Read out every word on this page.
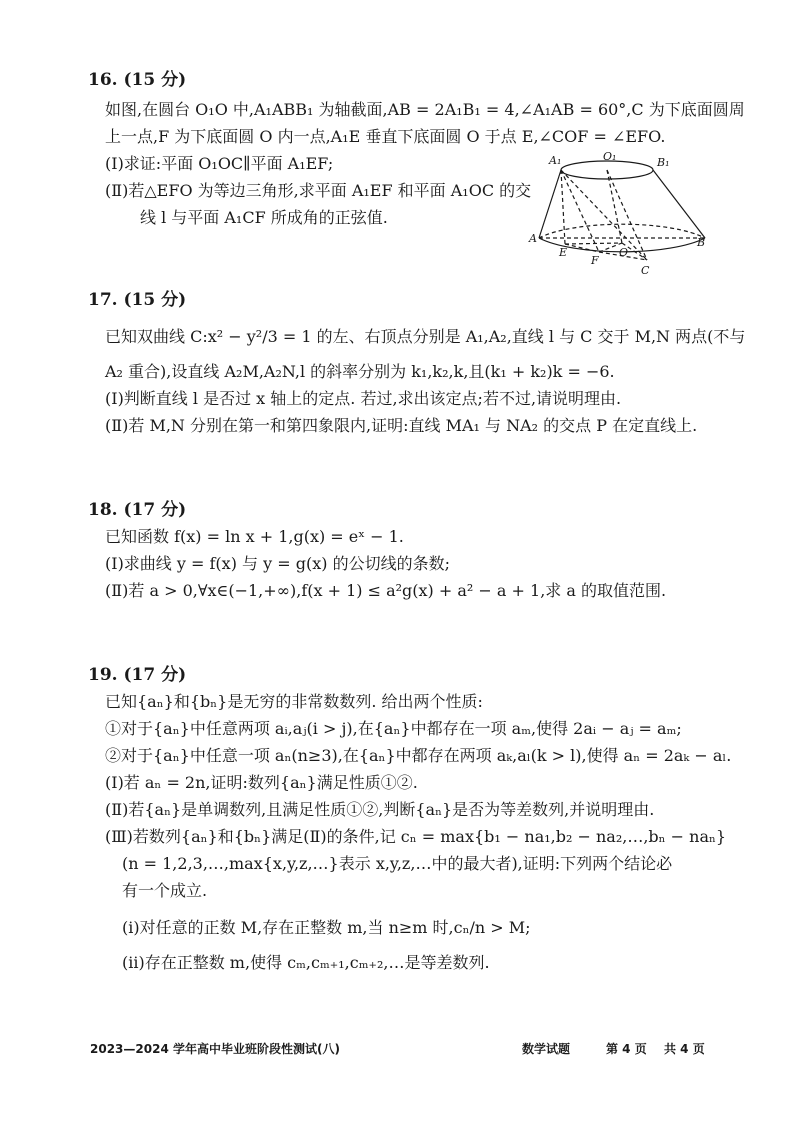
16. (15 分)
如图,在圆台 O₁O 中,A₁ABB₁ 为轴截面,AB = 2A₁B₁ = 4,∠A₁AB = 60°,C 为下底面圆周
上一点,F 为下底面圆 O 内一点,A₁E 垂直下底面圆 O 于点 E,∠COF = ∠EFO.
(Ⅰ)求证:平面 O₁OC∥平面 A₁EF;
(Ⅱ)若△EFO 为等边三角形,求平面 A₁EF 和平面 A₁OC 的交
线 l 与平面 A₁CF 所成角的正弦值.
A₁	O₁	B₁
A
E
F
O
B
C
17. (15 分)
已知双曲线 C:x² − y²/3 = 1 的左、右顶点分别是 A₁,A₂,直线 l 与 C 交于 M,N 两点(不与
A₂ 重合),设直线 A₂M,A₂N,l 的斜率分别为 k₁,k₂,k,且(k₁ + k₂)k = −6.
(Ⅰ)判断直线 l 是否过 x 轴上的定点. 若过,求出该定点;若不过,请说明理由.
(Ⅱ)若 M,N 分别在第一和第四象限内,证明:直线 MA₁ 与 NA₂ 的交点 P 在定直线上.
18. (17 分)
已知函数 f(x) = ln x + 1,g(x) = eˣ − 1.
(Ⅰ)求曲线 y = f(x) 与 y = g(x) 的公切线的条数;
(Ⅱ)若 a > 0,∀x∈(−1,+∞),f(x + 1) ≤ a²g(x) + a² − a + 1,求 a 的取值范围.
19. (17 分)
已知{aₙ}和{bₙ}是无穷的非常数数列. 给出两个性质:
①对于{aₙ}中任意两项 aᵢ,aⱼ(i > j),在{aₙ}中都存在一项 aₘ,使得 2aᵢ − aⱼ = aₘ;
②对于{aₙ}中任意一项 aₙ(n≥3),在{aₙ}中都存在两项 aₖ,aₗ(k > l),使得 aₙ = 2aₖ − aₗ.
(Ⅰ)若 aₙ = 2n,证明:数列{aₙ}满足性质①②.
(Ⅱ)若{aₙ}是单调数列,且满足性质①②,判断{aₙ}是否为等差数列,并说明理由.
(Ⅲ)若数列{aₙ}和{bₙ}满足(Ⅱ)的条件,记 cₙ = max{b₁ − na₁,b₂ − na₂,…,bₙ − naₙ}
(n = 1,2,3,…,max{x,y,z,…}表示 x,y,z,…中的最大者),证明:下列两个结论必
有一个成立.
(ⅰ)对任意的正数 M,存在正整数 m,当 n≥m 时,cₙ/n > M;
(ⅱ)存在正整数 m,使得 cₘ,cₘ₊₁,cₘ₊₂,…是等差数列.
2023—2024 学年高中毕业班阶段性测试(八)	数学试题	第 4 页 共 4 页
